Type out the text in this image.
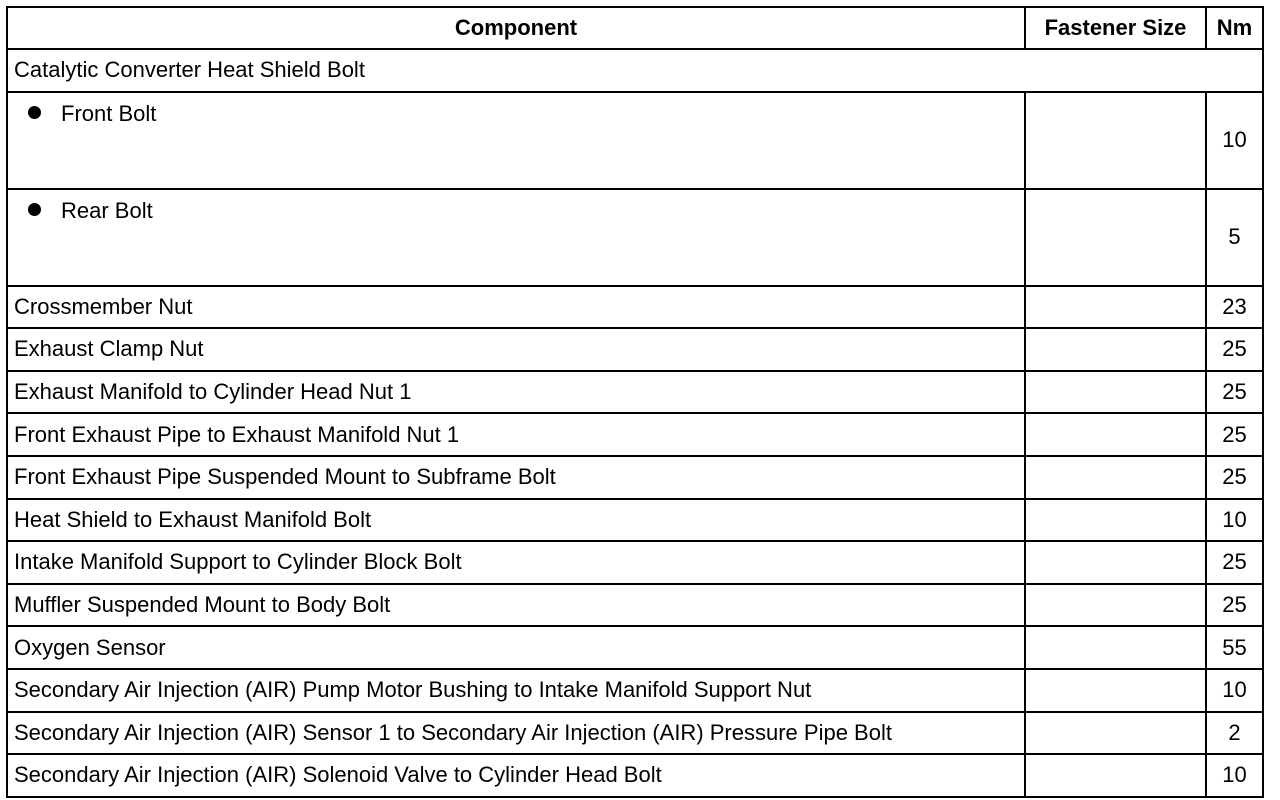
Component	Fastener Size	Nm
Catalytic Converter Heat Shield Bolt		
Front Bolt		10
Rear Bolt		5
Crossmember Nut		23
Exhaust Clamp Nut		25
Exhaust Manifold to Cylinder Head Nut 1		25
Front Exhaust Pipe to Exhaust Manifold Nut 1		25
Front Exhaust Pipe Suspended Mount to Subframe Bolt		25
Heat Shield to Exhaust Manifold Bolt		10
Intake Manifold Support to Cylinder Block Bolt		25
Muffler Suspended Mount to Body Bolt		25
Oxygen Sensor		55
Secondary Air Injection (AIR) Pump Motor Bushing to Intake Manifold Support Nut		10
Secondary Air Injection (AIR) Sensor 1 to Secondary Air Injection (AIR) Pressure Pipe Bolt		2
Secondary Air Injection (AIR) Solenoid Valve to Cylinder Head Bolt		10
